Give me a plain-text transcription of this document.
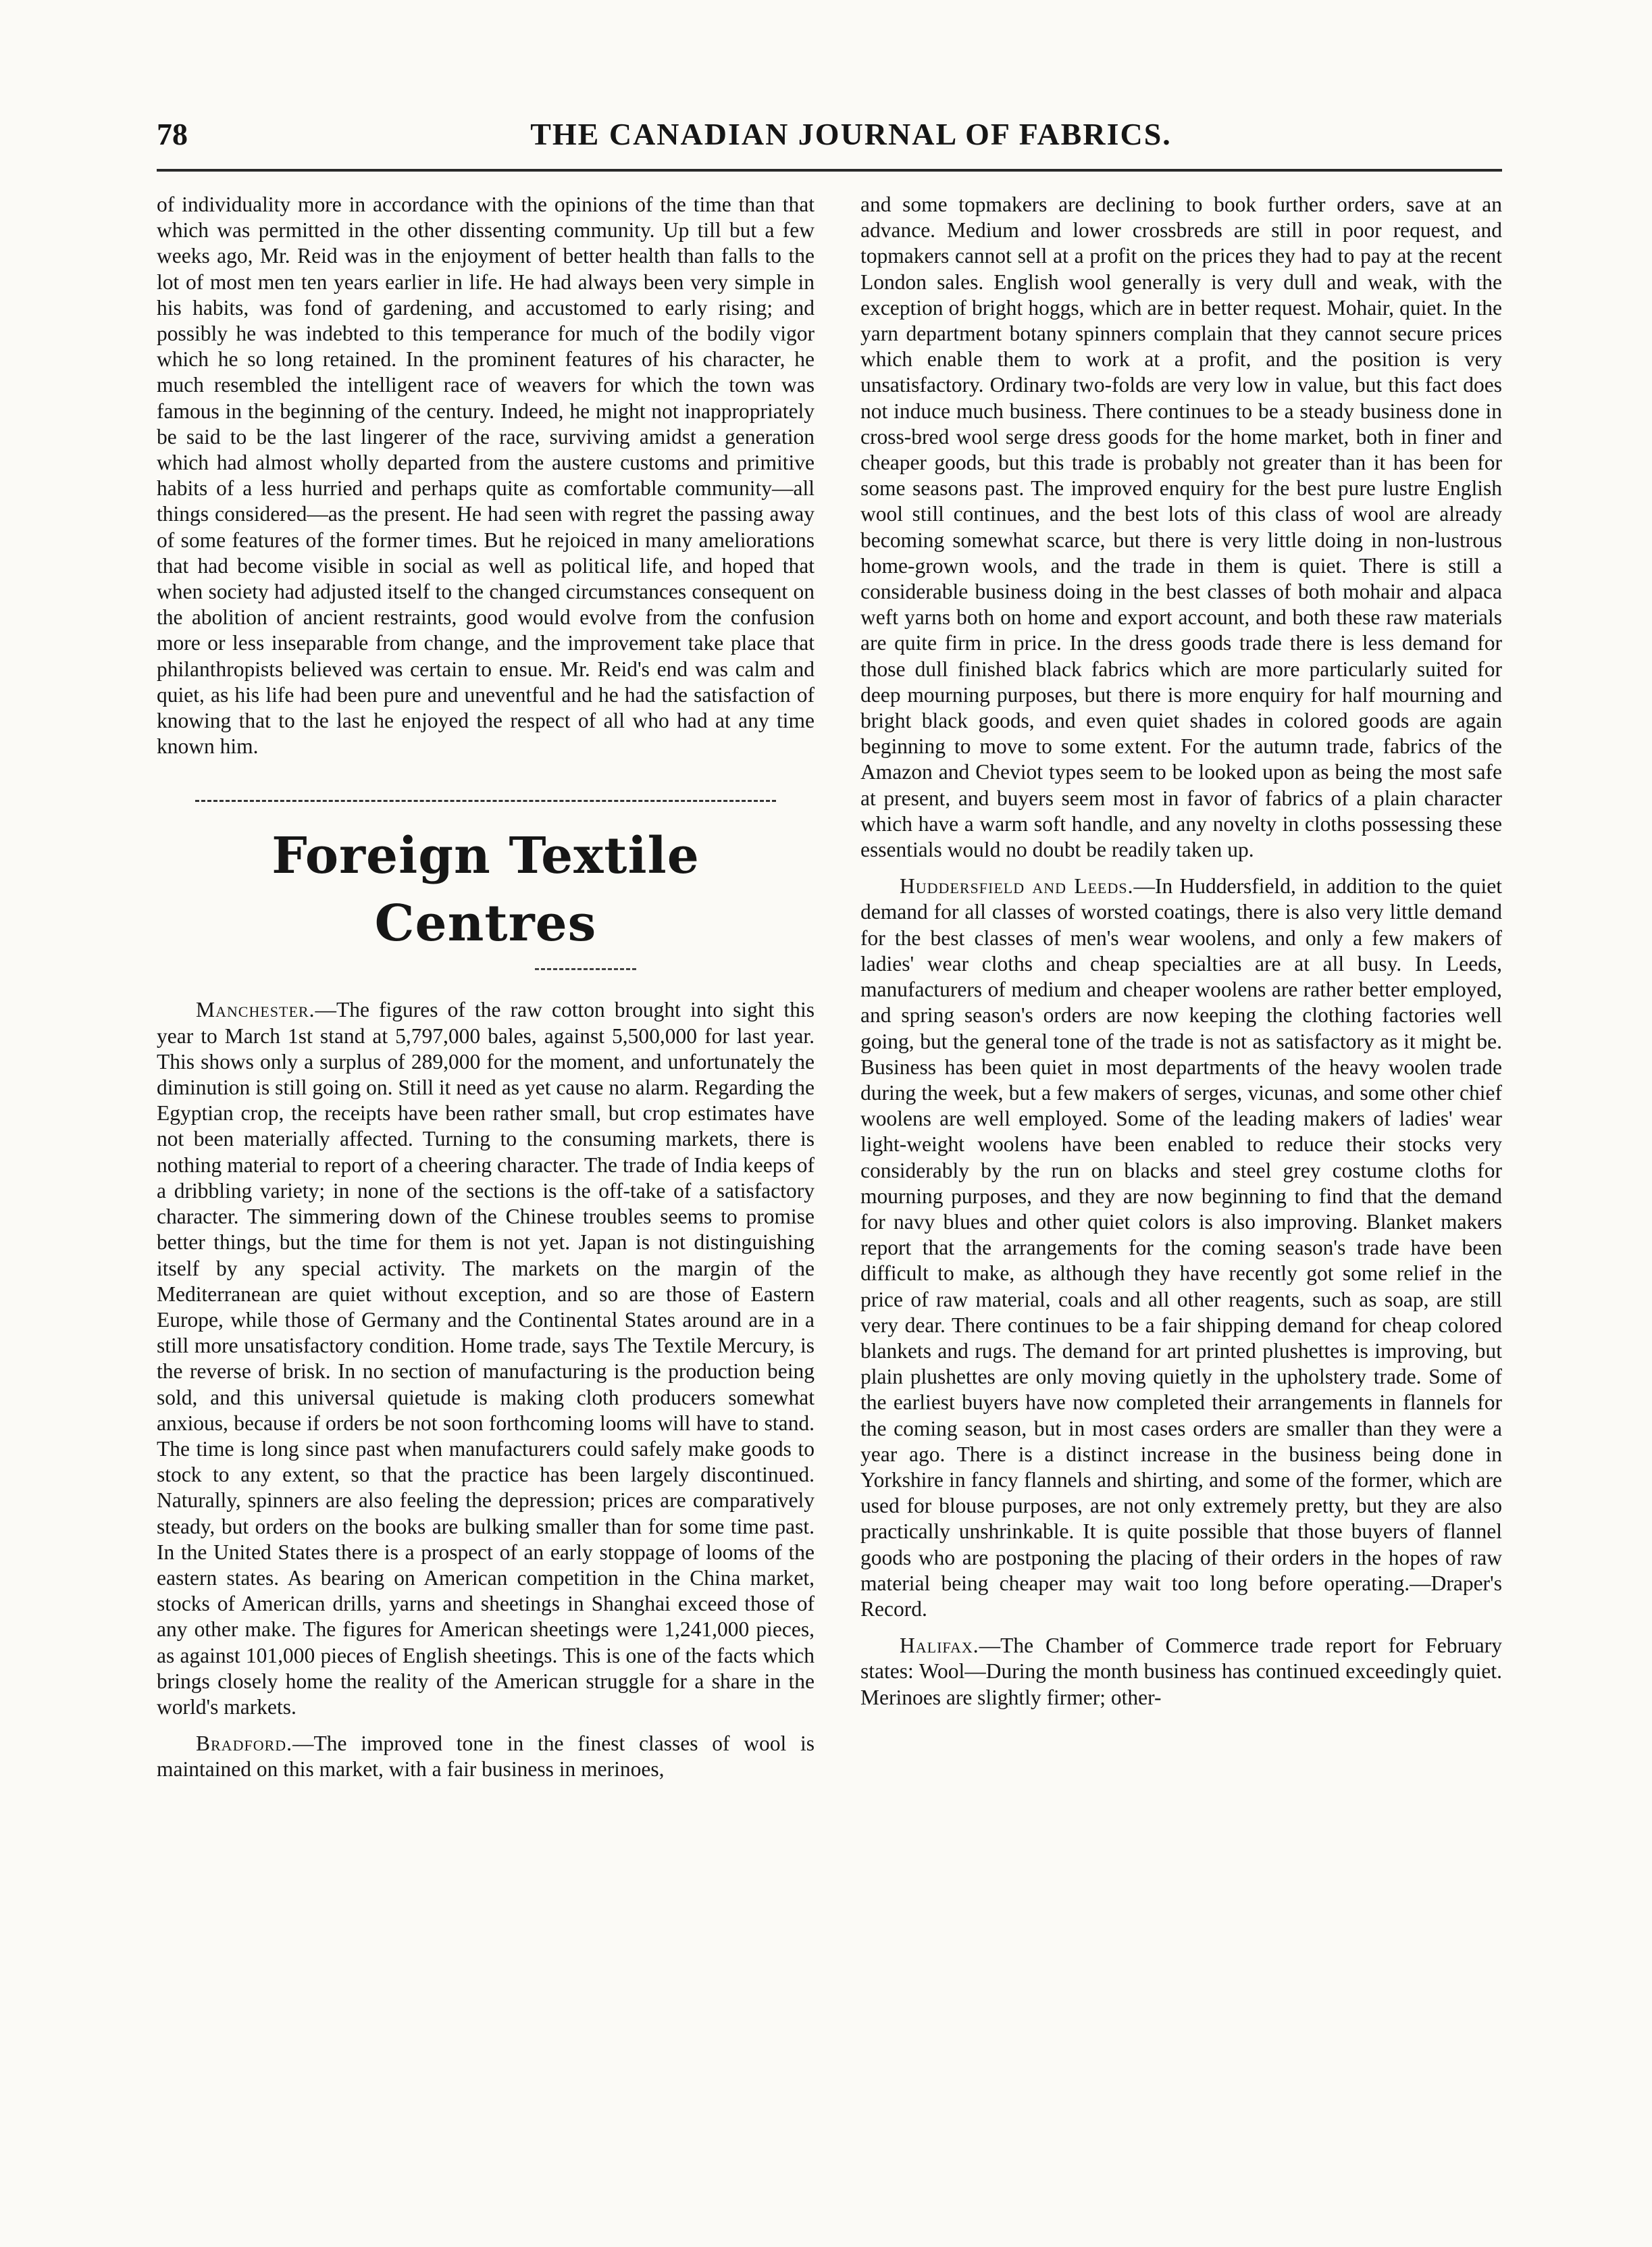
78	THE CANADIAN JOURNAL OF FABRICS.

of individuality more in accordance with the opinions of the time than that which was permitted in the other dissenting community. Up till but a few weeks ago, Mr. Reid was in the enjoyment of better health than falls to the lot of most men ten years earlier in life. He had always been very simple in his habits, was fond of gardening, and accustomed to early rising; and possibly he was indebted to this temperance for much of the bodily vigor which he so long retained. In the prominent features of his character, he much resembled the intelligent race of weavers for which the town was famous in the beginning of the century. Indeed, he might not inappropriately be said to be the last lingerer of the race, surviving amidst a generation which had almost wholly departed from the austere customs and primitive habits of a less hurried and perhaps quite as comfortable community—all things considered—as the present. He had seen with regret the passing away of some features of the former times. But he rejoiced in many ameliorations that had become visible in social as well as political life, and hoped that when society had adjusted itself to the changed circumstances consequent on the abolition of ancient restraints, good would evolve from the confusion more or less inseparable from change, and the improvement take place that philanthropists believed was certain to ensue. Mr. Reid's end was calm and quiet, as his life had been pure and uneventful and he had the satisfaction of knowing that to the last he enjoyed the respect of all who had at any time known him.

Foreign Textile Centres

Manchester.—The figures of the raw cotton brought into sight this year to March 1st stand at 5,797,000 bales, against 5,500,000 for last year. This shows only a surplus of 289,000 for the moment, and unfortunately the diminution is still going on. Still it need as yet cause no alarm. Regarding the Egyptian crop, the receipts have been rather small, but crop estimates have not been materially affected. Turning to the consuming markets, there is nothing material to report of a cheering character. The trade of India keeps of a dribbling variety; in none of the sections is the off-take of a satisfactory character. The simmering down of the Chinese troubles seems to promise better things, but the time for them is not yet. Japan is not distinguishing itself by any special activity. The markets on the margin of the Mediterranean are quiet without exception, and so are those of Eastern Europe, while those of Germany and the Continental States around are in a still more unsatisfactory condition. Home trade, says The Textile Mercury, is the reverse of brisk. In no section of manufacturing is the production being sold, and this universal quietude is making cloth producers somewhat anxious, because if orders be not soon forthcoming looms will have to stand. The time is long since past when manufacturers could safely make goods to stock to any extent, so that the practice has been largely discontinued. Naturally, spinners are also feeling the depression; prices are comparatively steady, but orders on the books are bulking smaller than for some time past. In the United States there is a prospect of an early stoppage of looms of the eastern states. As bearing on American competition in the China market, stocks of American drills, yarns and sheetings in Shanghai exceed those of any other make. The figures for American sheetings were 1,241,000 pieces, as against 101,000 pieces of English sheetings. This is one of the facts which brings closely home the reality of the American struggle for a share in the world's markets.

Bradford.—The improved tone in the finest classes of wool is maintained on this market, with a fair business in merinoes,

and some topmakers are declining to book further orders, save at an advance. Medium and lower crossbreds are still in poor request, and topmakers cannot sell at a profit on the prices they had to pay at the recent London sales. English wool generally is very dull and weak, with the exception of bright hoggs, which are in better request. Mohair, quiet. In the yarn department botany spinners complain that they cannot secure prices which enable them to work at a profit, and the position is very unsatisfactory. Ordinary two-folds are very low in value, but this fact does not induce much business. There continues to be a steady business done in cross-bred wool serge dress goods for the home market, both in finer and cheaper goods, but this trade is probably not greater than it has been for some seasons past. The improved enquiry for the best pure lustre English wool still continues, and the best lots of this class of wool are already becoming somewhat scarce, but there is very little doing in non-lustrous home-grown wools, and the trade in them is quiet. There is still a considerable business doing in the best classes of both mohair and alpaca weft yarns both on home and export account, and both these raw materials are quite firm in price. In the dress goods trade there is less demand for those dull finished black fabrics which are more particularly suited for deep mourning purposes, but there is more enquiry for half mourning and bright black goods, and even quiet shades in colored goods are again beginning to move to some extent. For the autumn trade, fabrics of the Amazon and Cheviot types seem to be looked upon as being the most safe at present, and buyers seem most in favor of fabrics of a plain character which have a warm soft handle, and any novelty in cloths possessing these essentials would no doubt be readily taken up.

Huddersfield and Leeds.—In Huddersfield, in addition to the quiet demand for all classes of worsted coatings, there is also very little demand for the best classes of men's wear woolens, and only a few makers of ladies' wear cloths and cheap specialties are at all busy. In Leeds, manufacturers of medium and cheaper woolens are rather better employed, and spring season's orders are now keeping the clothing factories well going, but the general tone of the trade is not as satisfactory as it might be. Business has been quiet in most departments of the heavy woolen trade during the week, but a few makers of serges, vicunas, and some other chief woolens are well employed. Some of the leading makers of ladies' wear light-weight woolens have been enabled to reduce their stocks very considerably by the run on blacks and steel grey costume cloths for mourning purposes, and they are now beginning to find that the demand for navy blues and other quiet colors is also improving. Blanket makers report that the arrangements for the coming season's trade have been difficult to make, as although they have recently got some relief in the price of raw material, coals and all other reagents, such as soap, are still very dear. There continues to be a fair shipping demand for cheap colored blankets and rugs. The demand for art printed plushettes is improving, but plain plushettes are only moving quietly in the upholstery trade. Some of the earliest buyers have now completed their arrangements in flannels for the coming season, but in most cases orders are smaller than they were a year ago. There is a distinct increase in the business being done in Yorkshire in fancy flannels and shirting, and some of the former, which are used for blouse purposes, are not only extremely pretty, but they are also practically unshrinkable. It is quite possible that those buyers of flannel goods who are postponing the placing of their orders in the hopes of raw material being cheaper may wait too long before operating.—Draper's Record.

Halifax.—The Chamber of Commerce trade report for February states: Wool—During the month business has continued exceedingly quiet. Merinoes are slightly firmer; other-
